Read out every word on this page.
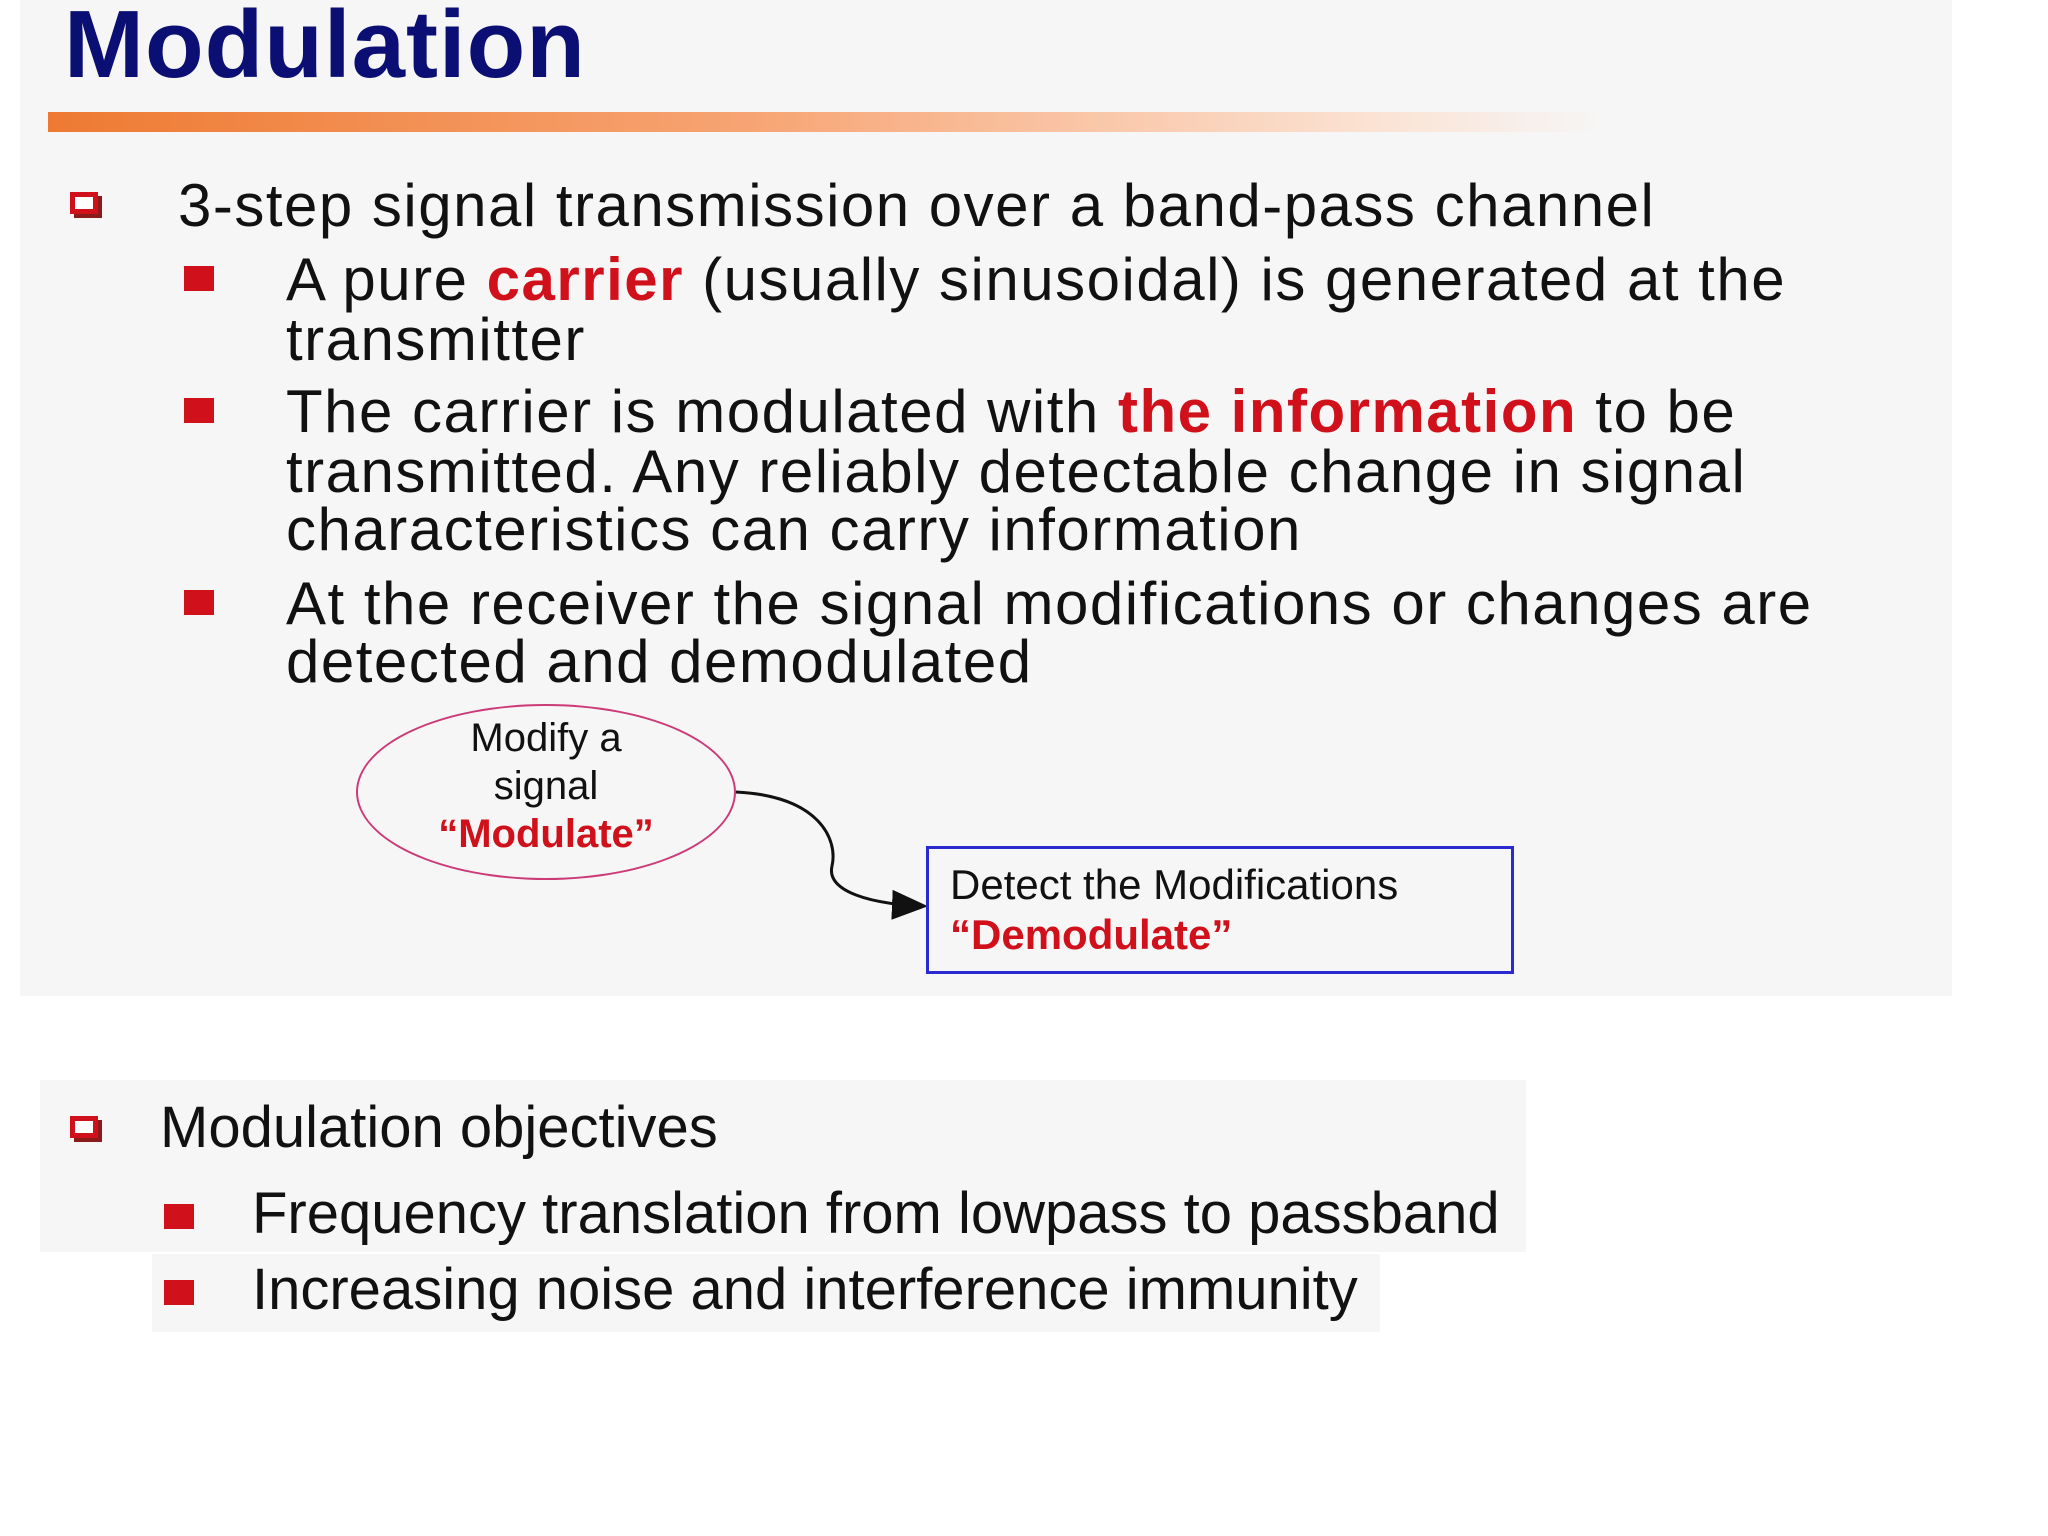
Modulation
3-step signal transmission over a band-pass channel
A pure carrier (usually sinusoidal) is generated at the
transmitter
The carrier is modulated with the information to be
transmitted. Any reliably detectable change in signal
characteristics can carry information
At the receiver the signal modifications or changes are
detected and demodulated
Modify a
signal
“Modulate”
Detect the Modifications
“Demodulate”
Modulation objectives
Frequency translation from lowpass to passband
Increasing noise and interference immunity
